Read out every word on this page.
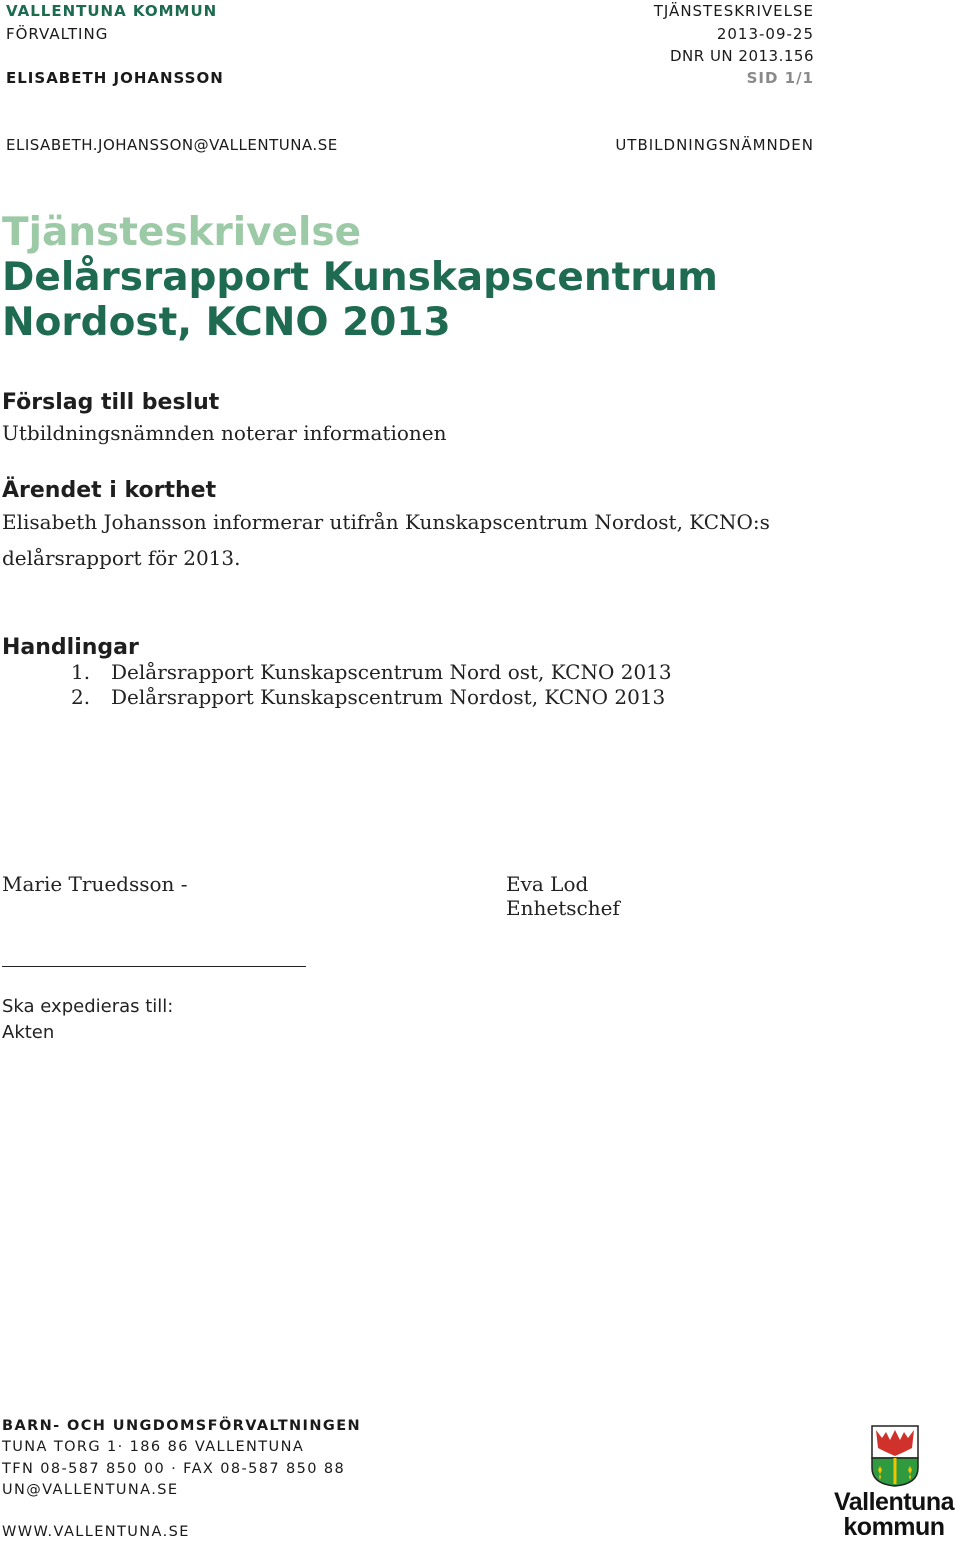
VALLENTUNA KOMMUN
FÖRVALTING
ELISABETH JOHANSSON
ELISABETH.JOHANSSON@VALLENTUNA.SE
TJÄNSTESKRIVELSE
2013-09-25
DNR UN 2013.156
SID 1/1
UTBILDNINGSNÄMNDEN
Tjänsteskrivelse
Delårsrapport Kunskapscentrum
Nordost, KCNO 2013
Förslag till beslut
Utbildningsnämnden noterar informationen
Ärendet i korthet
Elisabeth Johansson informerar utifrån Kunskapscentrum Nordost, KCNO:s
delårsrapport för 2013.
Handlingar
1.	Delårsrapport Kunskapscentrum Nord ost, KCNO 2013
2.	Delårsrapport Kunskapscentrum Nordost, KCNO 2013
Marie Truedsson -	Eva Lod
Enhetschef
Ska expedieras till:
Akten
BARN- OCH UNGDOMSFÖRVALTNINGEN
TUNA TORG 1· 186 86 VALLENTUNA
TFN 08-587 850 00 · FAX 08-587 850 88
UN@VALLENTUNA.SE
WWW.VALLENTUNA.SE
Vallentuna
kommun
